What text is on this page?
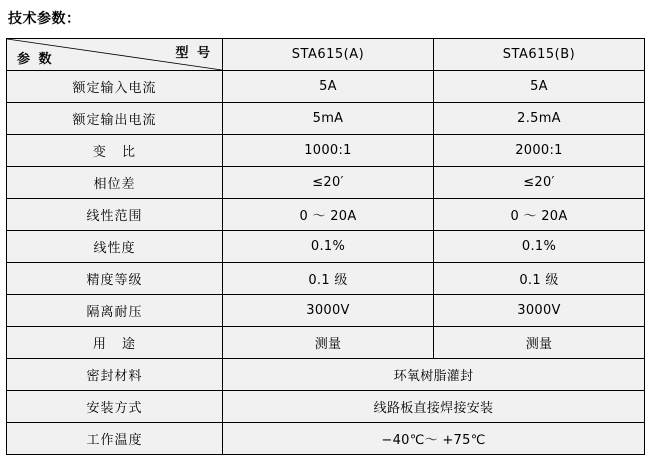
技术参数：
型 号
参 数	STA615(A)	STA615(B)
额定输入电流	5A	5A
额定输出电流	5mA	2.5mA
变 比	1000:1	2000:1
相位差	≤20′	≤20′
线性范围	0 ～ 20A	0 ～ 20A
线性度	0.1%	0.1%
精度等级	0.1 级	0.1 级
隔离耐压	3000V	3000V
用 途	测量	测量
密封材料	环氧树脂灌封	
安装方式	线路板直接焊接安装	
工作温度	−40℃～ +75℃	
